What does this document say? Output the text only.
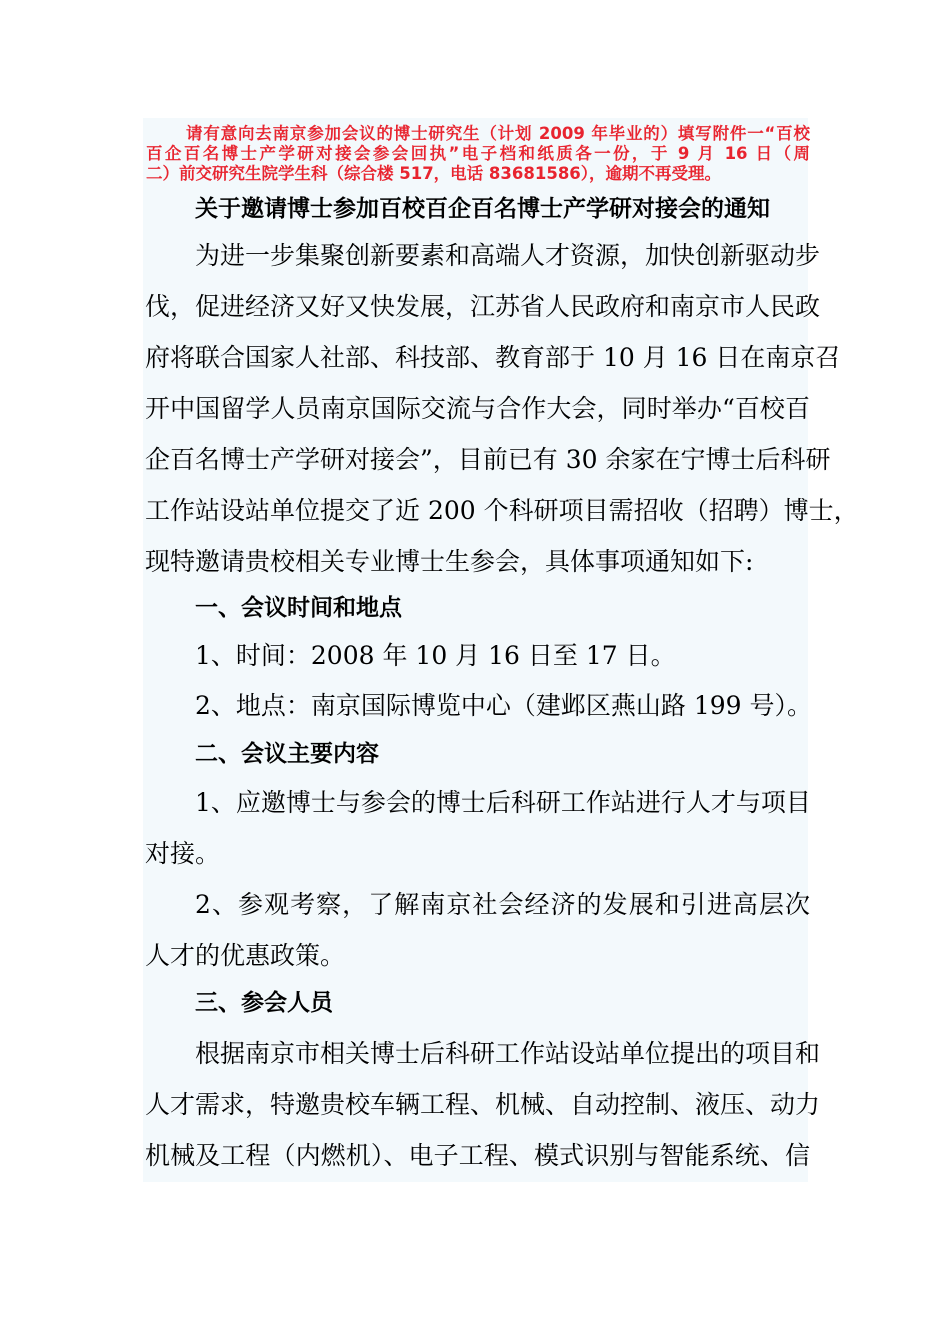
请有意向去南京参加会议的博士研究生（计划 2009 年毕业的）填写附件一“百校
百企百名博士产学研对接会参会回执”电子档和纸质各一份，于 9 月 16 日（周
二）前交研究生院学生科（综合楼 517，电话 83681586），逾期不再受理。
关于邀请博士参加百校百企百名博士产学研对接会的通知
为进一步集聚创新要素和高端人才资源，加快创新驱动步
伐，促进经济又好又快发展，江苏省人民政府和南京市人民政
府将联合国家人社部、科技部、教育部于 10 月 16 日在南京召
开中国留学人员南京国际交流与合作大会，同时举办“百校百
企百名博士产学研对接会”，目前已有 30 余家在宁博士后科研
工作站设站单位提交了近 200 个科研项目需招收（招聘）博士，
现特邀请贵校相关专业博士生参会，具体事项通知如下:
一、会议时间和地点
1、时间：2008 年 10 月 16 日至 17 日。
2、地点：南京国际博览中心（建邺区燕山路 199 号）。
二、会议主要内容
1、应邀博士与参会的博士后科研工作站进行人才与项目
对接。
2、参观考察，了解南京社会经济的发展和引进高层次
人才的优惠政策。
三、参会人员
根据南京市相关博士后科研工作站设站单位提出的项目和
人才需求，特邀贵校车辆工程、机械、自动控制、液压、动力
机械及工程（内燃机）、电子工程、模式识别与智能系统、信
